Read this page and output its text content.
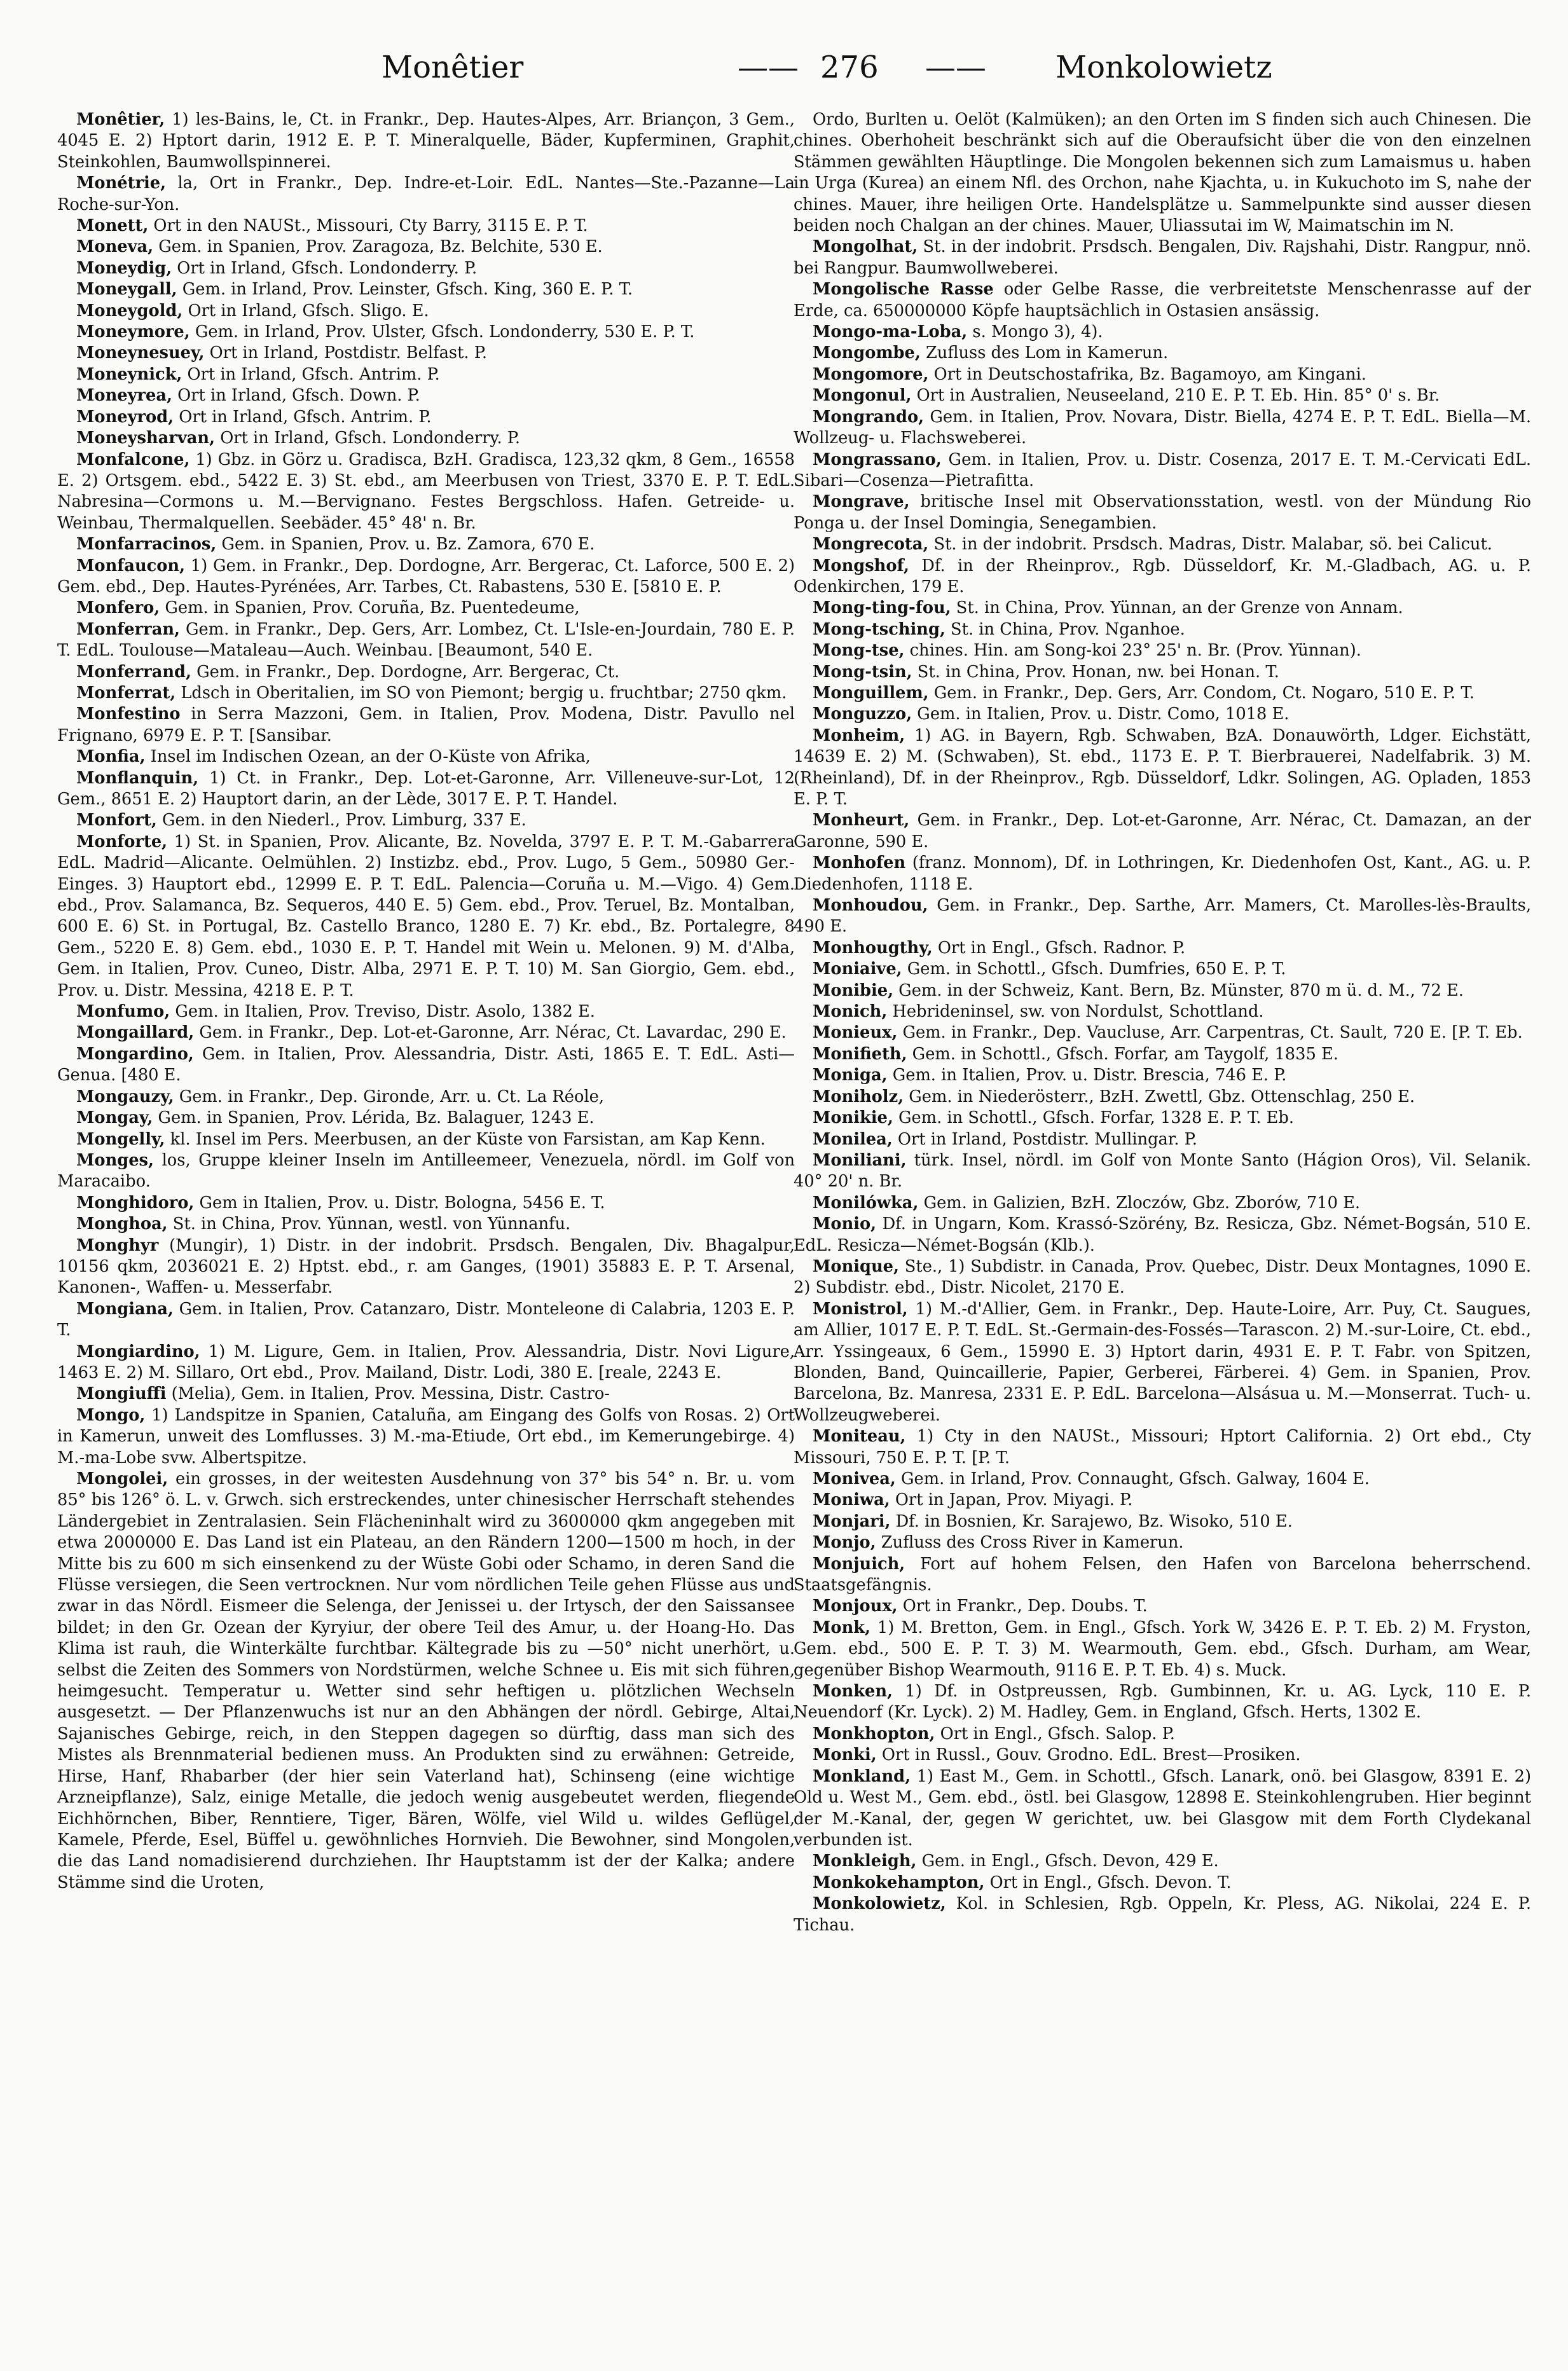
Monêtier	—— 276 —— Monkolowietz

Monêtier, 1) les-Bains, le, Ct. in Frankr., Dep. Hautes-Alpes, Arr. Briançon, 3 Gem., 4045 E. 2) Hptort darin, 1912 E. P. T. Mineralquelle, Bäder, Kupferminen, Graphit, Steinkohlen, Baumwollspinnerei.

Monétrie, la, Ort in Frankr., Dep. Indre-et-Loir. EdL. Nantes—Ste.-Pazanne—La Roche-sur-Yon.

Monett, Ort in den NAUSt., Missouri, Cty Barry, 3115 E. P. T.

Moneva, Gem. in Spanien, Prov. Zaragoza, Bz. Belchite, 530 E.

Moneydig, Ort in Irland, Gfsch. Londonderry. P.

Moneygall, Gem. in Irland, Prov. Leinster, Gfsch. King, 360 E. P. T.

Moneygold, Ort in Irland, Gfsch. Sligo. E.

Moneymore, Gem. in Irland, Prov. Ulster, Gfsch. Londonderry, 530 E. P. T.

Moneynesuey, Ort in Irland, Postdistr. Belfast. P.

Moneynick, Ort in Irland, Gfsch. Antrim. P.

Moneyrea, Ort in Irland, Gfsch. Down. P.

Moneyrod, Ort in Irland, Gfsch. Antrim. P.

Moneysharvan, Ort in Irland, Gfsch. Londonderry. P.

Monfalcone, 1) Gbz. in Görz u. Gradisca, BzH. Gradisca, 123,32 qkm, 8 Gem., 16558 E. 2) Ortsgem. ebd., 5422 E. 3) St. ebd., am Meerbusen von Triest, 3370 E. P. T. EdL. Nabresina—Cormons u. M.—Bervignano. Festes Bergschloss. Hafen. Getreide- u. Weinbau, Thermalquellen. Seebäder. 45° 48' n. Br.

Monfarracinos, Gem. in Spanien, Prov. u. Bz. Zamora, 670 E.

Monfaucon, 1) Gem. in Frankr., Dep. Dordogne, Arr. Bergerac, Ct. Laforce, 500 E. 2) Gem. ebd., Dep. Hautes-Pyrénées, Arr. Tarbes, Ct. Rabastens, 530 E. [5810 E. P.

Monfero, Gem. in Spanien, Prov. Coruña, Bz. Puentedeume,

Monferran, Gem. in Frankr., Dep. Gers, Arr. Lombez, Ct. L'Isle-en-Jourdain, 780 E. P. T. EdL. Toulouse—Mataleau—Auch. Weinbau. [Beaumont, 540 E.

Monferrand, Gem. in Frankr., Dep. Dordogne, Arr. Bergerac, Ct.

Monferrat, Ldsch in Oberitalien, im SO von Piemont; bergig u. fruchtbar; 2750 qkm.

Monfestino in Serra Mazzoni, Gem. in Italien, Prov. Modena, Distr. Pavullo nel Frignano, 6979 E. P. T. [Sansibar.

Monfia, Insel im Indischen Ozean, an der O-Küste von Afrika,

Monflanquin, 1) Ct. in Frankr., Dep. Lot-et-Garonne, Arr. Villeneuve-sur-Lot, 12 Gem., 8651 E. 2) Hauptort darin, an der Lède, 3017 E. P. T. Handel.

Monfort, Gem. in den Niederl., Prov. Limburg, 337 E.

Monforte, 1) St. in Spanien, Prov. Alicante, Bz. Novelda, 3797 E. P. T. M.-Gabarrera EdL. Madrid—Alicante. Oelmühlen. 2) Instizbz. ebd., Prov. Lugo, 5 Gem., 50980 Ger.-Einges. 3) Hauptort ebd., 12999 E. P. T. EdL. Palencia—Coruña u. M.—Vigo. 4) Gem. ebd., Prov. Salamanca, Bz. Sequeros, 440 E. 5) Gem. ebd., Prov. Teruel, Bz. Montalban, 600 E. 6) St. in Portugal, Bz. Castello Branco, 1280 E. 7) Kr. ebd., Bz. Portalegre, 8 Gem., 5220 E. 8) Gem. ebd., 1030 E. P. T. Handel mit Wein u. Melonen. 9) M. d'Alba, Gem. in Italien, Prov. Cuneo, Distr. Alba, 2971 E. P. T. 10) M. San Giorgio, Gem. ebd., Prov. u. Distr. Messina, 4218 E. P. T.

Monfumo, Gem. in Italien, Prov. Treviso, Distr. Asolo, 1382 E.

Mongaillard, Gem. in Frankr., Dep. Lot-et-Garonne, Arr. Nérac, Ct. Lavardac, 290 E.

Mongardino, Gem. in Italien, Prov. Alessandria, Distr. Asti, 1865 E. T. EdL. Asti—Genua. [480 E.

Mongauzy, Gem. in Frankr., Dep. Gironde, Arr. u. Ct. La Réole,

Mongay, Gem. in Spanien, Prov. Lérida, Bz. Balaguer, 1243 E.

Mongelly, kl. Insel im Pers. Meerbusen, an der Küste von Farsistan, am Kap Kenn.

Monges, los, Gruppe kleiner Inseln im Antilleemeer, Venezuela, nördl. im Golf von Maracaibo.

Monghidoro, Gem in Italien, Prov. u. Distr. Bologna, 5456 E. T.

Monghoa, St. in China, Prov. Yünnan, westl. von Yünnanfu.

Monghyr (Mungir), 1) Distr. in der indobrit. Prsdsch. Bengalen, Div. Bhagalpur, 10156 qkm, 2036021 E. 2) Hptst. ebd., r. am Ganges, (1901) 35883 E. P. T. Arsenal, Kanonen-, Waffen- u. Messerfabr.

Mongiana, Gem. in Italien, Prov. Catanzaro, Distr. Monteleone di Calabria, 1203 E. P. T.

Mongiardino, 1) M. Ligure, Gem. in Italien, Prov. Alessandria, Distr. Novi Ligure, 1463 E. 2) M. Sillaro, Ort ebd., Prov. Mailand, Distr. Lodi, 380 E. [reale, 2243 E.

Mongiuffi (Melia), Gem. in Italien, Prov. Messina, Distr. Castro-

Mongo, 1) Landspitze in Spanien, Cataluña, am Eingang des Golfs von Rosas. 2) Ort in Kamerun, unweit des Lomflusses. 3) M.-ma-Etiude, Ort ebd., im Kemerungebirge. 4) M.-ma-Lobe svw. Albertspitze.

Mongolei, ein grosses, in der weitesten Ausdehnung von 37° bis 54° n. Br. u. vom 85° bis 126° ö. L. v. Grwch. sich erstreckendes, unter chinesischer Herrschaft stehendes Ländergebiet in Zentralasien. Sein Flächeninhalt wird zu 3600000 qkm angegeben mit etwa 2000000 E. Das Land ist ein Plateau, an den Rändern 1200—1500 m hoch, in der Mitte bis zu 600 m sich einsenkend zu der Wüste Gobi oder Schamo, in deren Sand die Flüsse versiegen, die Seen vertrocknen. Nur vom nördlichen Teile gehen Flüsse aus und zwar in das Nördl. Eismeer die Selenga, der Jenissei u. der Irtysch, der den Saissansee bildet; in den Gr. Ozean der Kyryiur, der obere Teil des Amur, u. der Hoang-Ho. Das Klima ist rauh, die Winterkälte furchtbar. Kältegrade bis zu —50° nicht unerhört, u. selbst die Zeiten des Sommers von Nordstürmen, welche Schnee u. Eis mit sich führen, heimgesucht. Temperatur u. Wetter sind sehr heftigen u. plötzlichen Wechseln ausgesetzt. — Der Pflanzenwuchs ist nur an den Abhängen der nördl. Gebirge, Altai, Sajanisches Gebirge, reich, in den Steppen dagegen so dürftig, dass man sich des Mistes als Brennmaterial bedienen muss. An Produkten sind zu erwähnen: Getreide, Hirse, Hanf, Rhabarber (der hier sein Vaterland hat), Schinseng (eine wichtige Arzneipflanze), Salz, einige Metalle, die jedoch wenig ausgebeutet werden, fliegende Eichhörnchen, Biber, Renntiere, Tiger, Bären, Wölfe, viel Wild u. wildes Geflügel, Kamele, Pferde, Esel, Büffel u. gewöhnliches Hornvieh. Die Bewohner, sind Mongolen, die das Land nomadisierend durchziehen. Ihr Hauptstamm ist der der Kalka; andere Stämme sind die Uroten,

Ordo, Burlten u. Oelöt (Kalmüken); an den Orten im S finden sich auch Chinesen. Die chines. Oberhoheit beschränkt sich auf die Oberaufsicht über die von den einzelnen Stämmen gewählten Häuptlinge. Die Mongolen bekennen sich zum Lamaismus u. haben in Urga (Kurea) an einem Nfl. des Orchon, nahe Kjachta, u. in Kukuchoto im S, nahe der chines. Mauer, ihre heiligen Orte. Handelsplätze u. Sammelpunkte sind ausser diesen beiden noch Chalgan an der chines. Mauer, Uliassutai im W, Maimatschin im N.

Mongolhat, St. in der indobrit. Prsdsch. Bengalen, Div. Rajshahi, Distr. Rangpur, nnö. bei Rangpur. Baumwollweberei.

Mongolische Rasse oder Gelbe Rasse, die verbreitetste Menschenrasse auf der Erde, ca. 650000000 Köpfe hauptsächlich in Ostasien ansässig.

Mongo-ma-Loba, s. Mongo 3), 4).

Mongombe, Zufluss des Lom in Kamerun.

Mongomore, Ort in Deutschostafrika, Bz. Bagamoyo, am Kingani.

Mongonul, Ort in Australien, Neuseeland, 210 E. P. T. Eb. Hin. 85° 0' s. Br.

Mongrando, Gem. in Italien, Prov. Novara, Distr. Biella, 4274 E. P. T. EdL. Biella—M. Wollzeug- u. Flachsweberei.

Mongrassano, Gem. in Italien, Prov. u. Distr. Cosenza, 2017 E. T. M.-Cervicati EdL. Sibari—Cosenza—Pietrafitta.

Mongrave, britische Insel mit Observationsstation, westl. von der Mündung Rio Ponga u. der Insel Domingia, Senegambien.

Mongrecota, St. in der indobrit. Prsdsch. Madras, Distr. Malabar, sö. bei Calicut.

Mongshof, Df. in der Rheinprov., Rgb. Düsseldorf, Kr. M.-Gladbach, AG. u. P. Odenkirchen, 179 E.

Mong-ting-fou, St. in China, Prov. Yünnan, an der Grenze von Annam.

Mong-tsching, St. in China, Prov. Nganhoe.

Mong-tse, chines. Hin. am Song-koi 23° 25' n. Br. (Prov. Yünnan).

Mong-tsin, St. in China, Prov. Honan, nw. bei Honan. T.

Monguillem, Gem. in Frankr., Dep. Gers, Arr. Condom, Ct. Nogaro, 510 E. P. T.

Monguzzo, Gem. in Italien, Prov. u. Distr. Como, 1018 E.

Monheim, 1) AG. in Bayern, Rgb. Schwaben, BzA. Donauwörth, Ldger. Eichstätt, 14639 E. 2) M. (Schwaben), St. ebd., 1173 E. P. T. Bierbrauerei, Nadelfabrik. 3) M. (Rheinland), Df. in der Rheinprov., Rgb. Düsseldorf, Ldkr. Solingen, AG. Opladen, 1853 E. P. T.

Monheurt, Gem. in Frankr., Dep. Lot-et-Garonne, Arr. Nérac, Ct. Damazan, an der Garonne, 590 E.

Monhofen (franz. Monnom), Df. in Lothringen, Kr. Diedenhofen Ost, Kant., AG. u. P. Diedenhofen, 1118 E.

Monhoudou, Gem. in Frankr., Dep. Sarthe, Arr. Mamers, Ct. Marolles-lès-Braults, 490 E.

Monhougthy, Ort in Engl., Gfsch. Radnor. P.

Moniaive, Gem. in Schottl., Gfsch. Dumfries, 650 E. P. T.

Monibie, Gem. in der Schweiz, Kant. Bern, Bz. Münster, 870 m ü. d. M., 72 E.

Monich, Hebrideninsel, sw. von Nordulst, Schottland.

Monieux, Gem. in Frankr., Dep. Vaucluse, Arr. Carpentras, Ct. Sault, 720 E. [P. T. Eb.

Monifieth, Gem. in Schottl., Gfsch. Forfar, am Taygolf, 1835 E.

Moniga, Gem. in Italien, Prov. u. Distr. Brescia, 746 E. P.

Moniholz, Gem. in Niederösterr., BzH. Zwettl, Gbz. Ottenschlag, 250 E.

Monikie, Gem. in Schottl., Gfsch. Forfar, 1328 E. P. T. Eb.

Monilea, Ort in Irland, Postdistr. Mullingar. P.

Moniliani, türk. Insel, nördl. im Golf von Monte Santo (Hágion Oros), Vil. Selanik. 40° 20' n. Br.

Monilówka, Gem. in Galizien, BzH. Zloczów, Gbz. Zborów, 710 E.

Monio, Df. in Ungarn, Kom. Krassó-Szörény, Bz. Resicza, Gbz. Német-Bogsán, 510 E. EdL. Resicza—Német-Bogsán (Klb.).

Monique, Ste., 1) Subdistr. in Canada, Prov. Quebec, Distr. Deux Montagnes, 1090 E. 2) Subdistr. ebd., Distr. Nicolet, 2170 E.

Monistrol, 1) M.-d'Allier, Gem. in Frankr., Dep. Haute-Loire, Arr. Puy, Ct. Saugues, am Allier, 1017 E. P. T. EdL. St.-Germain-des-Fossés—Tarascon. 2) M.-sur-Loire, Ct. ebd., Arr. Yssingeaux, 6 Gem., 15990 E. 3) Hptort darin, 4931 E. P. T. Fabr. von Spitzen, Blonden, Band, Quincaillerie, Papier, Gerberei, Färberei. 4) Gem. in Spanien, Prov. Barcelona, Bz. Manresa, 2331 E. P. EdL. Barcelona—Alsásua u. M.—Monserrat. Tuch- u. Wollzeugweberei.

Moniteau, 1) Cty in den NAUSt., Missouri; Hptort California. 2) Ort ebd., Cty Missouri, 750 E. P. T. [P. T.

Monivea, Gem. in Irland, Prov. Connaught, Gfsch. Galway, 1604 E.

Moniwa, Ort in Japan, Prov. Miyagi. P.

Monjari, Df. in Bosnien, Kr. Sarajewo, Bz. Wisoko, 510 E.

Monjo, Zufluss des Cross River in Kamerun.

Monjuich, Fort auf hohem Felsen, den Hafen von Barcelona beherrschend. Staatsgefängnis.

Monjoux, Ort in Frankr., Dep. Doubs. T.

Monk, 1) M. Bretton, Gem. in Engl., Gfsch. York W, 3426 E. P. T. Eb. 2) M. Fryston, Gem. ebd., 500 E. P. T. 3) M. Wearmouth, Gem. ebd., Gfsch. Durham, am Wear, gegenüber Bishop Wearmouth, 9116 E. P. T. Eb. 4) s. Muck.

Monken, 1) Df. in Ostpreussen, Rgb. Gumbinnen, Kr. u. AG. Lyck, 110 E. P. Neuendorf (Kr. Lyck). 2) M. Hadley, Gem. in England, Gfsch. Herts, 1302 E.

Monkhopton, Ort in Engl., Gfsch. Salop. P.

Monki, Ort in Russl., Gouv. Grodno. EdL. Brest—Prosiken.

Monkland, 1) East M., Gem. in Schottl., Gfsch. Lanark, onö. bei Glasgow, 8391 E. 2) Old u. West M., Gem. ebd., östl. bei Glasgow, 12898 E. Steinkohlengruben. Hier beginnt der M.-Kanal, der, gegen W gerichtet, uw. bei Glasgow mit dem Forth Clydekanal verbunden ist.

Monkleigh, Gem. in Engl., Gfsch. Devon, 429 E.

Monkokehampton, Ort in Engl., Gfsch. Devon. T.

Monkolowietz, Kol. in Schlesien, Rgb. Oppeln, Kr. Pless, AG. Nikolai, 224 E. P. Tichau.
